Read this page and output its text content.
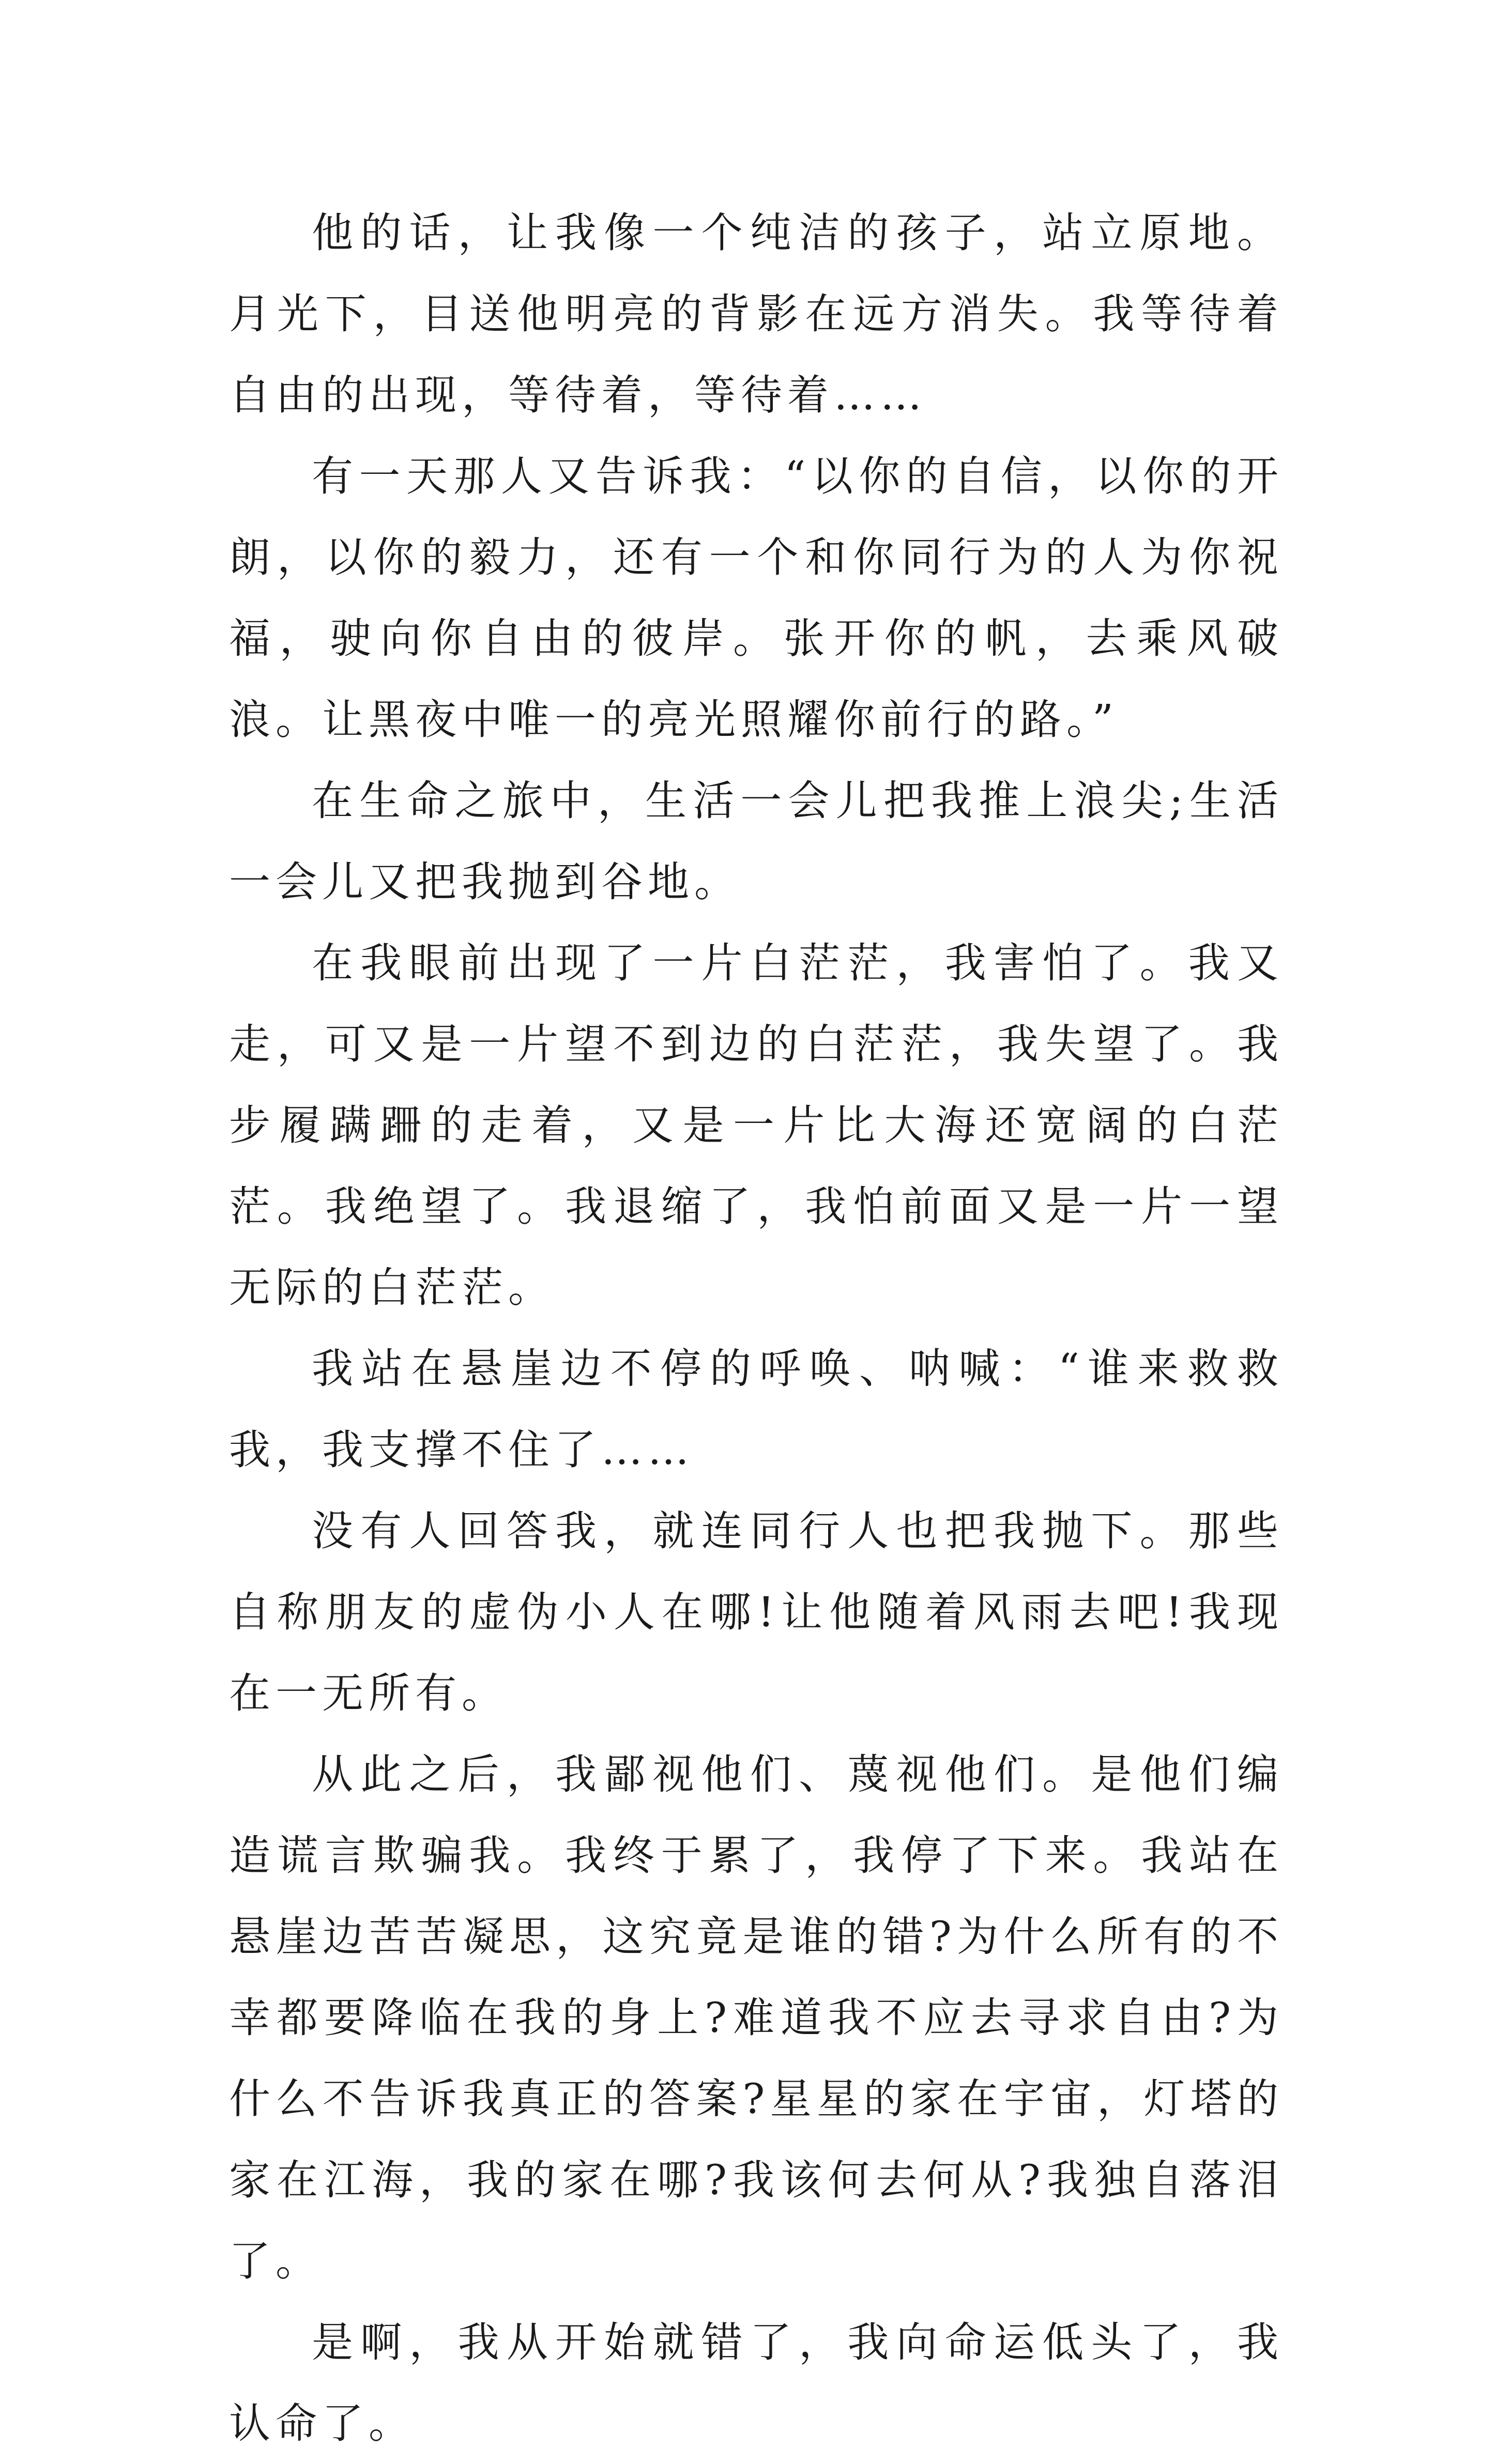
他的话，让我像一个纯洁的孩子，站立原地。月光下，目送他明亮的背影在远方消失。我等待着自由的出现，等待着，等待着……

有一天那人又告诉我：“以你的自信，以你的开朗，以你的毅力，还有一个和你同行为的人为你祝福，驶向你自由的彼岸。张开你的帆，去乘风破浪。让黑夜中唯一的亮光照耀你前行的路。”

在生命之旅中，生活一会儿把我推上浪尖;生活一会儿又把我抛到谷地。

在我眼前出现了一片白茫茫，我害怕了。我又走，可又是一片望不到边的白茫茫，我失望了。我步履蹒跚的走着，又是一片比大海还宽阔的白茫茫。我绝望了。我退缩了，我怕前面又是一片一望无际的白茫茫。

我站在悬崖边不停的呼唤、呐喊：“谁来救救我，我支撑不住了……

没有人回答我，就连同行人也把我抛下。那些自称朋友的虚伪小人在哪!让他随着风雨去吧!我现在一无所有。

从此之后，我鄙视他们、蔑视他们。是他们编造谎言欺骗我。我终于累了，我停了下来。我站在悬崖边苦苦凝思，这究竟是谁的错?为什么所有的不幸都要降临在我的身上?难道我不应去寻求自由?为什么不告诉我真正的答案?星星的家在宇宙，灯塔的家在江海，我的家在哪?我该何去何从?我独自落泪了。

是啊，我从开始就错了，我向命运低头了，我认命了。
